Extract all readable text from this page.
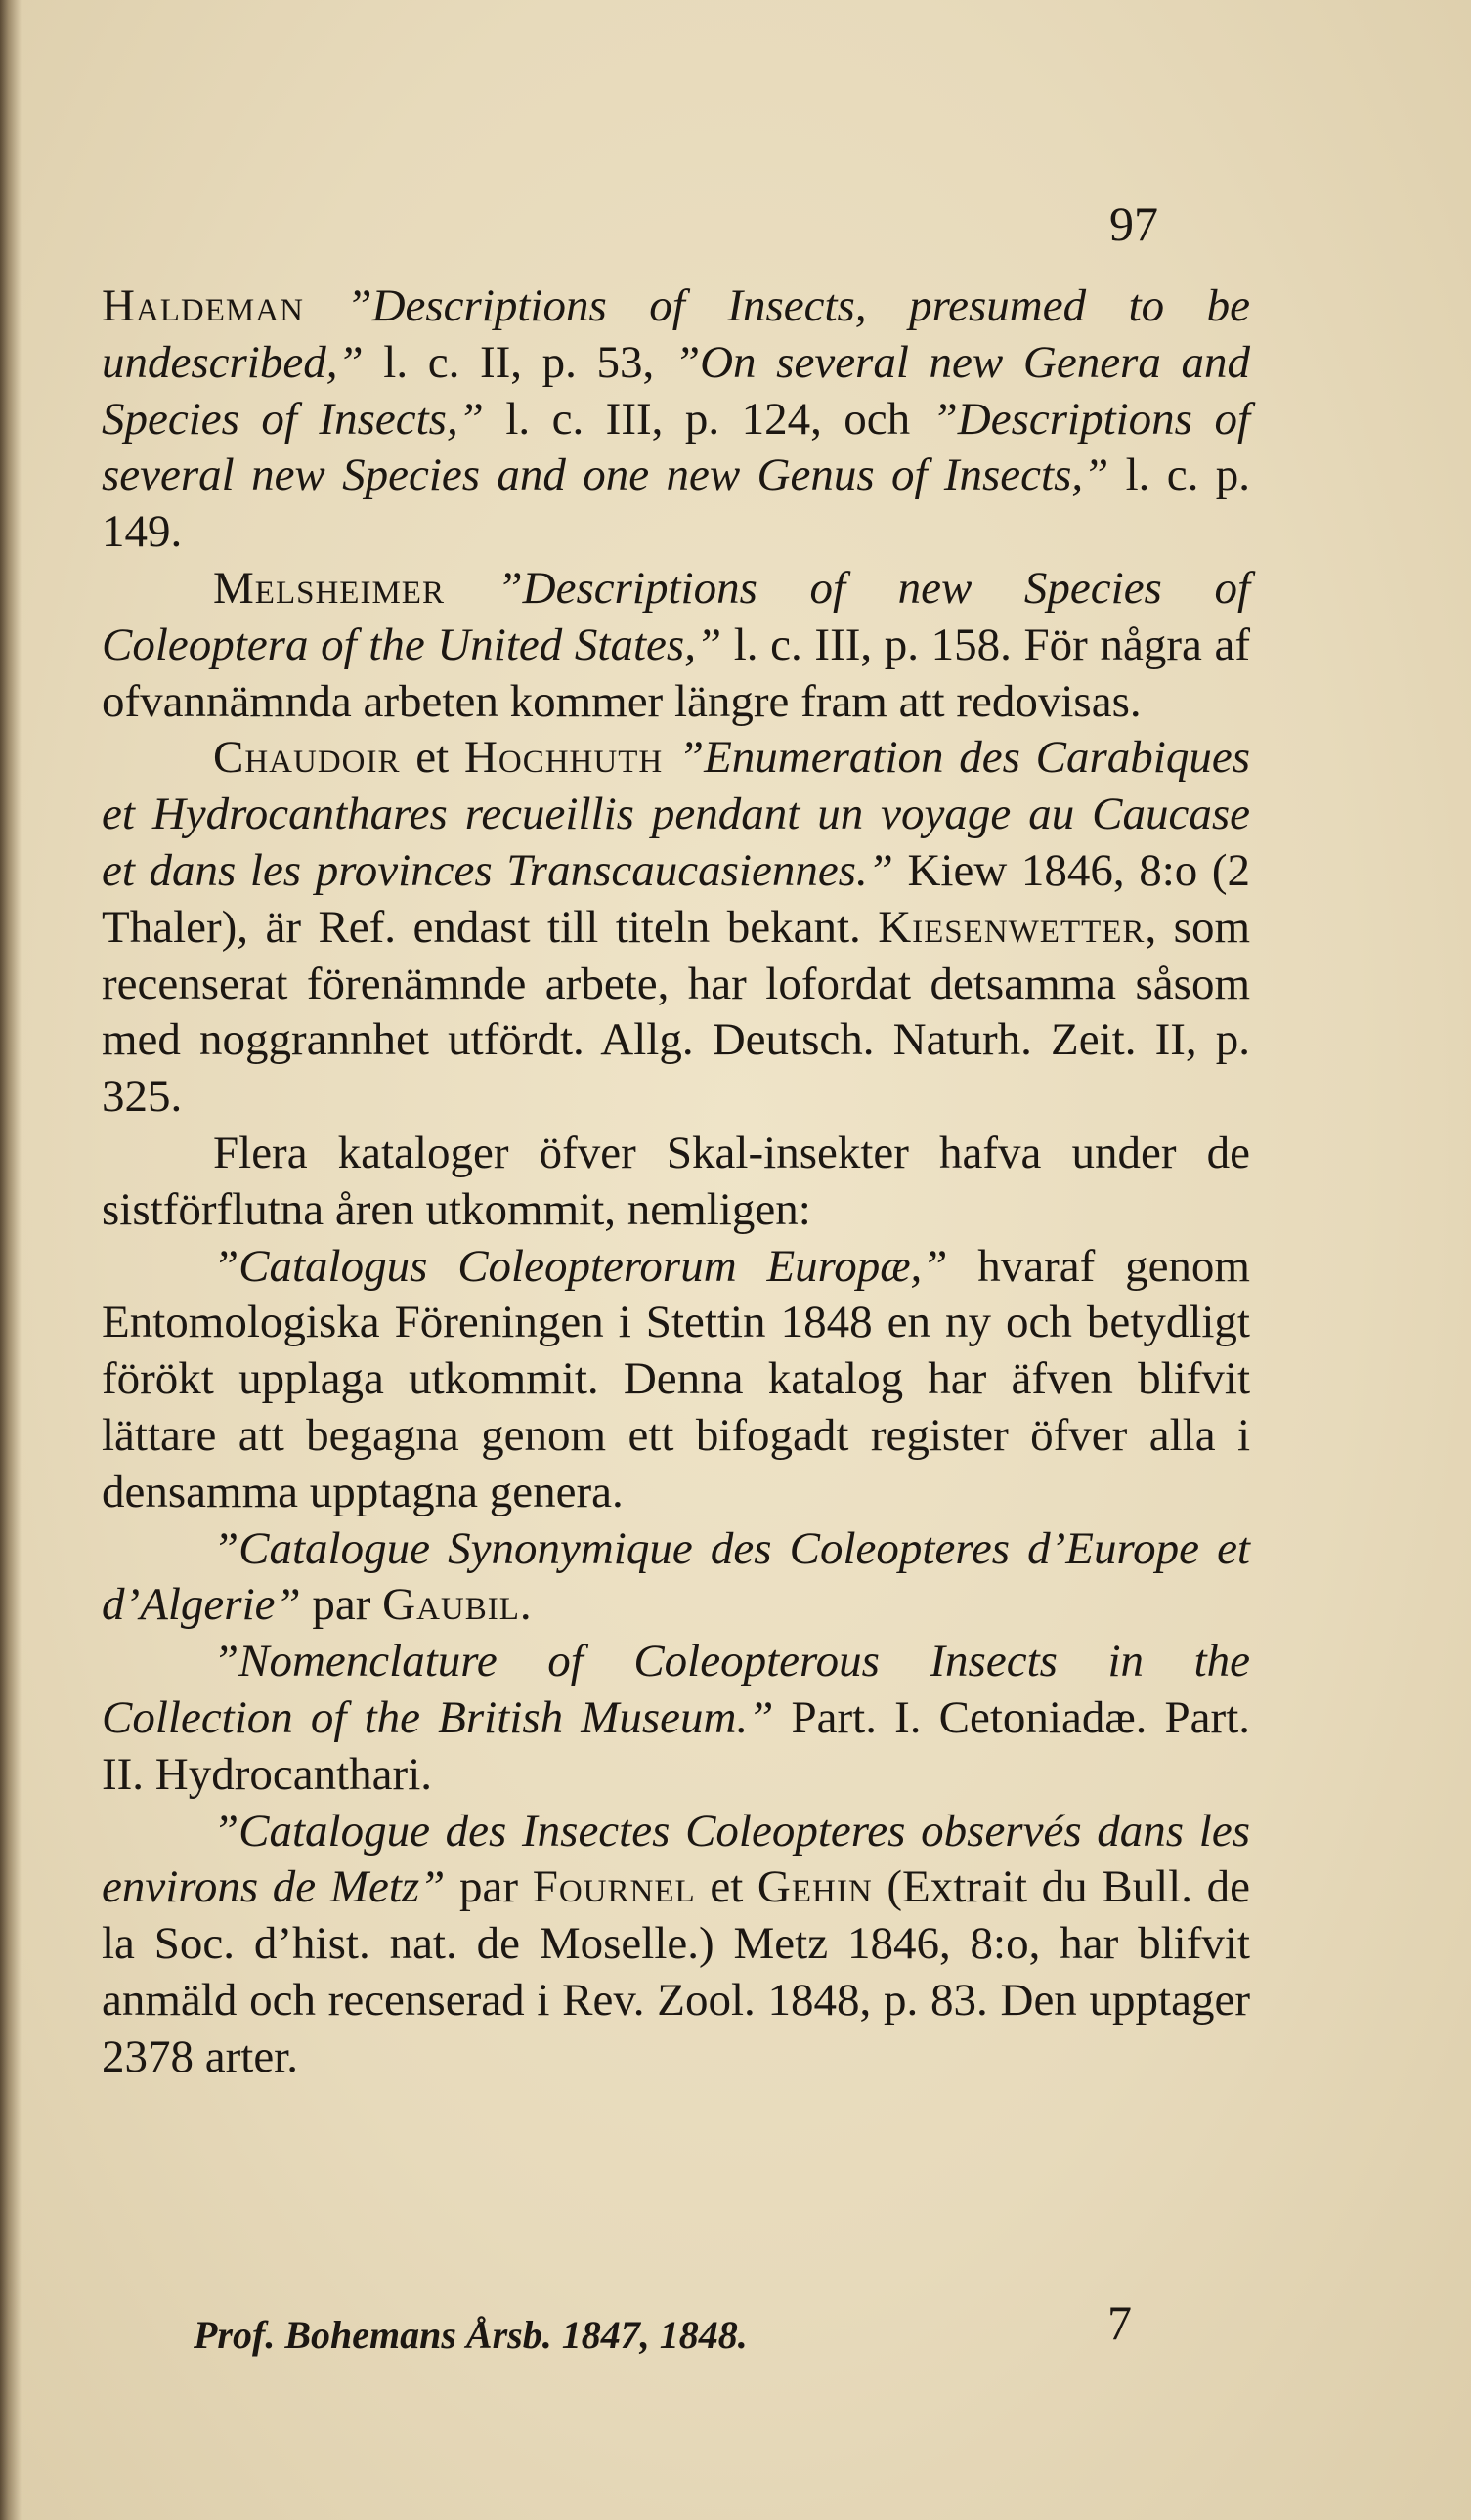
97

Haldeman ”Descriptions of Insects, presumed to be undescribed,” l. c. II, p. 53, ”On several new Genera and Species of Insects,” l. c. III, p. 124, och ”Descriptions of several new Species and one new Genus of Insects,” l. c. p. 149.

Melsheimer ”Descriptions of new Species of Coleoptera of the United States,” l. c. III, p. 158. För några af ofvannämnda arbeten kommer längre fram att redovisas.

Chaudoir et Hochhuth ”Enumeration des Carabiques et Hydrocanthares recueillis pendant un voyage au Caucase et dans les provinces Transcaucasiennes.” Kiew 1846, 8:o (2 Thaler), är Ref. endast till titeln bekant. Kiesenwetter, som recenserat förenämnde arbete, har lofordat detsamma såsom med noggrannhet utfördt. Allg. Deutsch. Naturh. Zeit. II, p. 325.

Flera kataloger öfver Skal-insekter hafva under de sistförflutna åren utkommit, nemligen:

”Catalogus Coleopterorum Europæ,” hvaraf genom Entomologiska Föreningen i Stettin 1848 en ny och betydligt förökt upplaga utkommit. Denna katalog har äfven blifvit lättare att begagna genom ett bifogadt register öfver alla i densamma upptagna genera.

”Catalogue Synonymique des Coleopteres d’Europe et d’Algerie” par Gaubil.

”Nomenclature of Coleopterous Insects in the Collection of the British Museum.” Part. I. Cetoniadæ. Part. II. Hydrocanthari.

”Catalogue des Insectes Coleopteres observés dans les environs de Metz” par Fournel et Gehin (Extrait du Bull. de la Soc. d’hist. nat. de Moselle.) Metz 1846, 8:o, har blifvit anmäld och recenserad i Rev. Zool. 1848, p. 83. Den upptager 2378 arter.

Prof. Bohemans Årsb. 1847, 1848.	7
